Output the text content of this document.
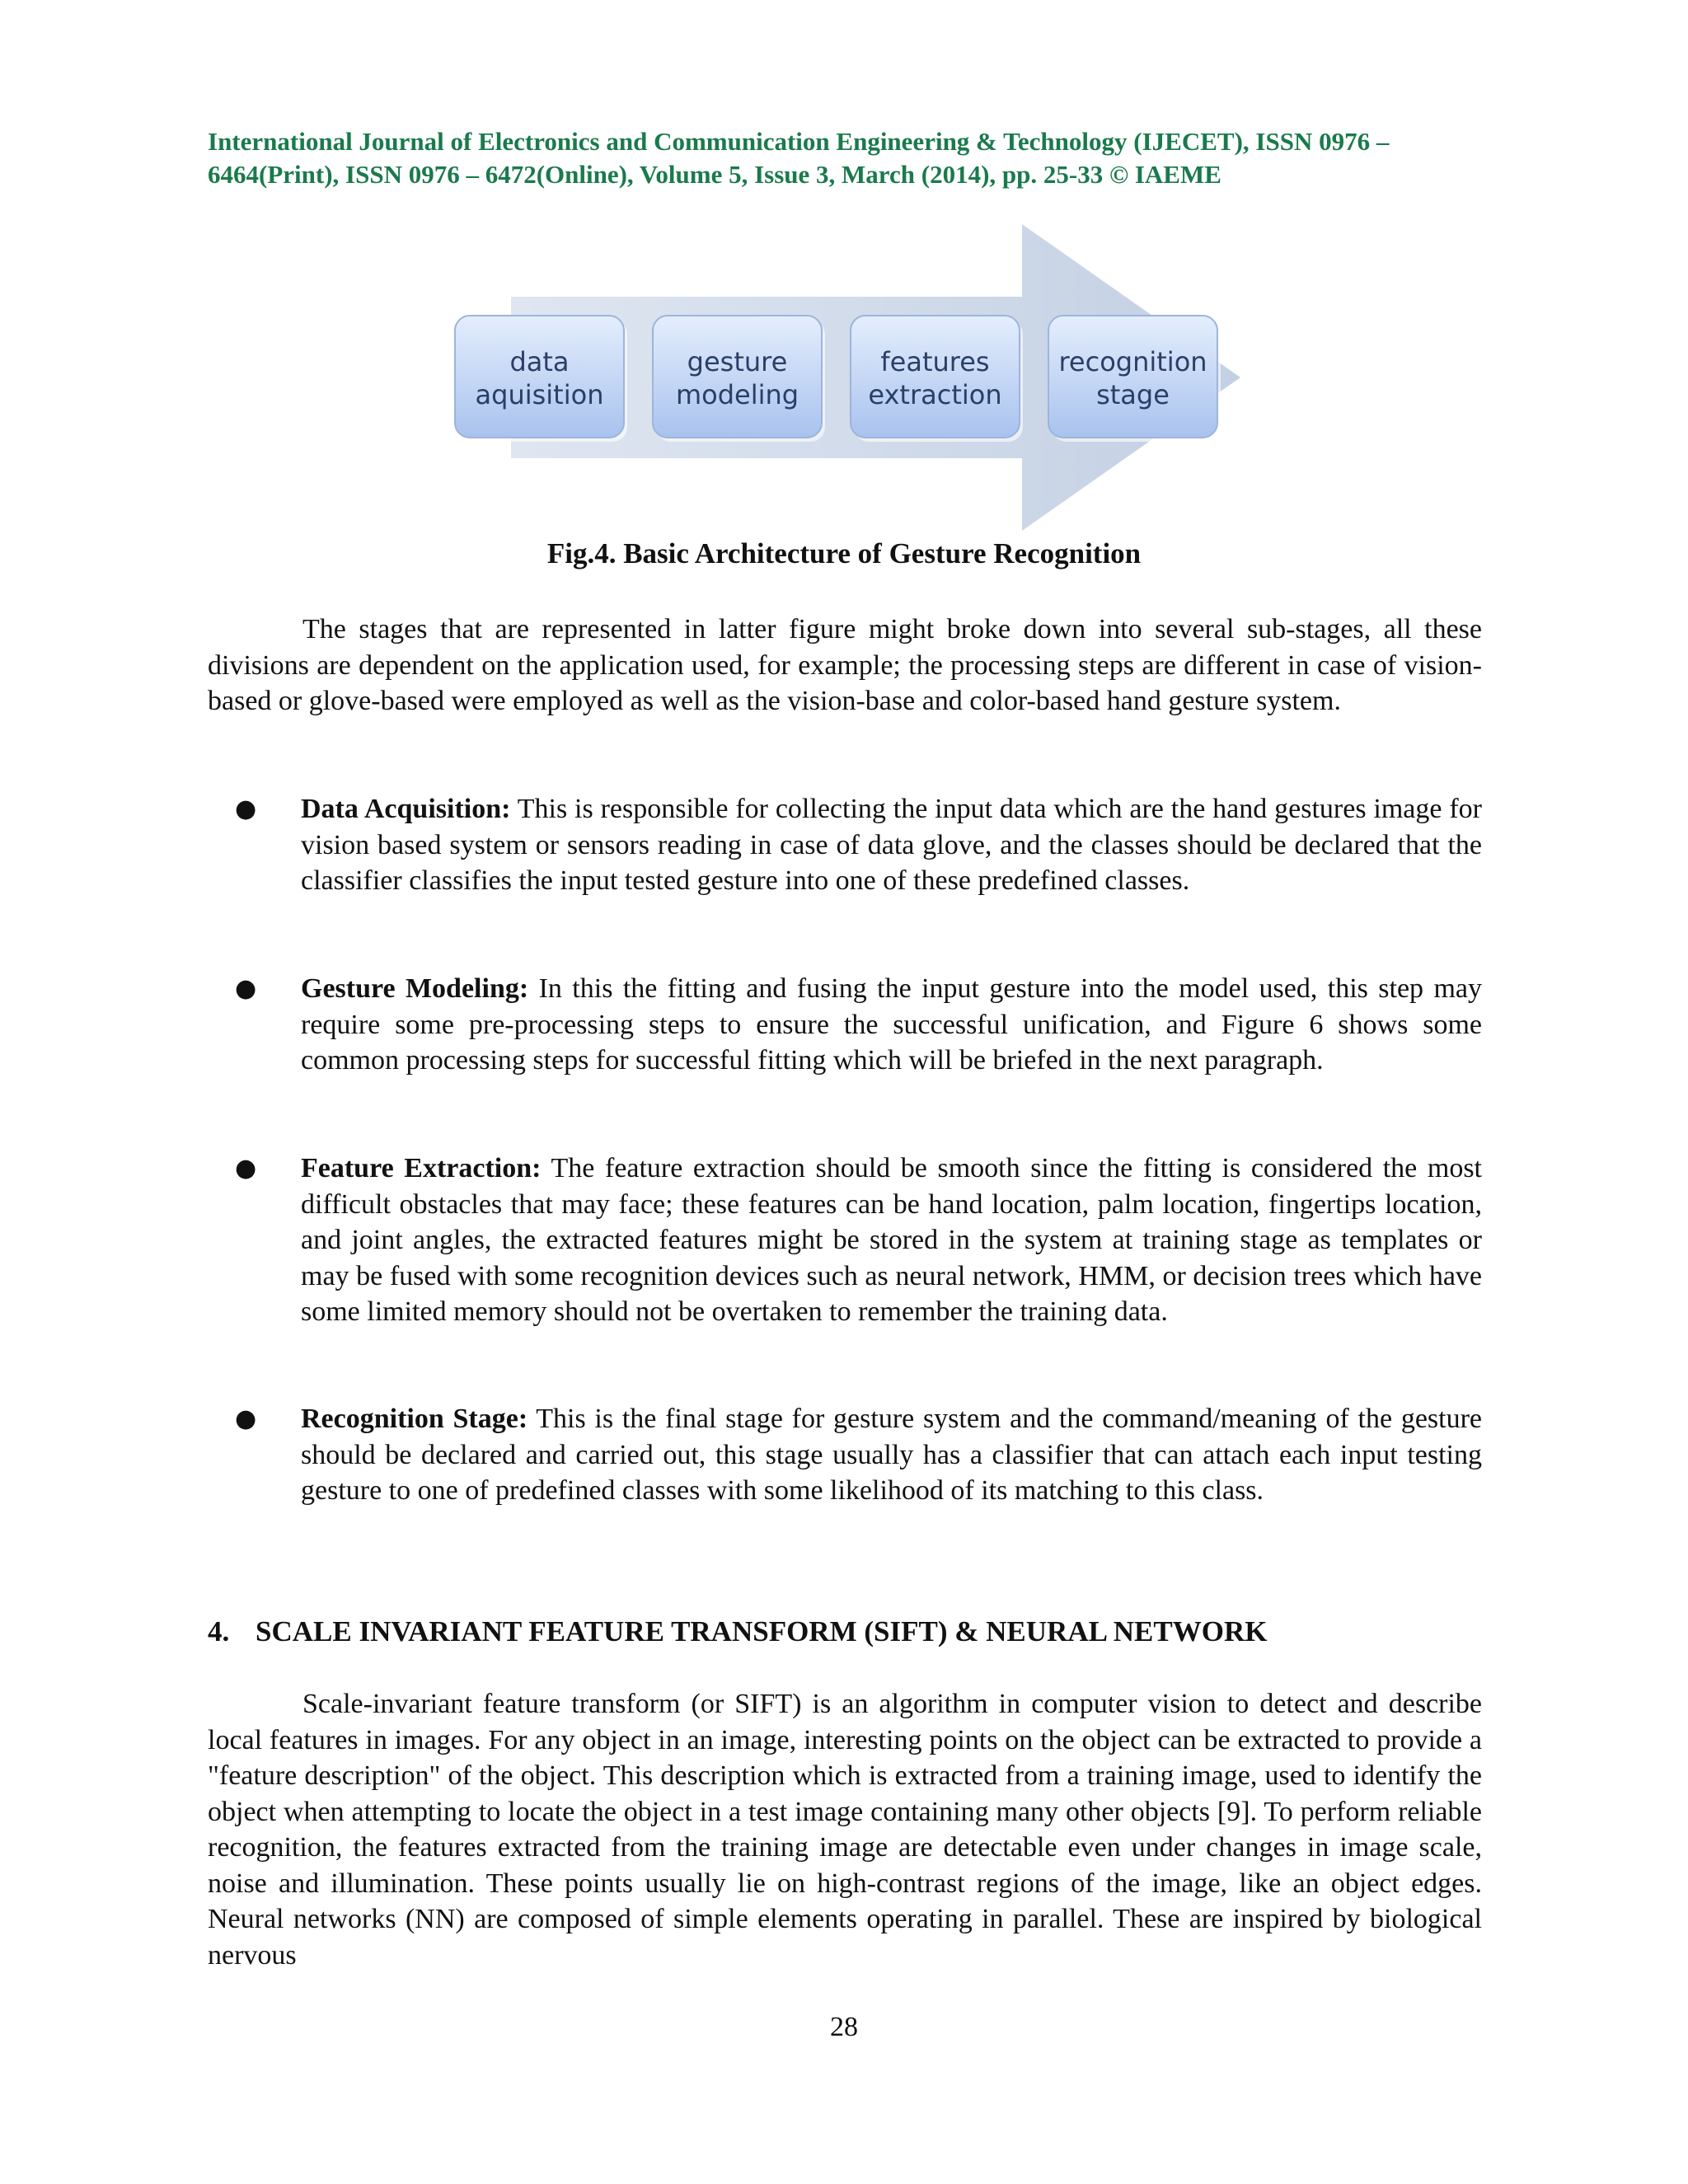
International Journal of Electronics and Communication Engineering & Technology (IJECET), ISSN 0976 –

6464(Print), ISSN 0976 – 6472(Online), Volume 5, Issue 3, March (2014), pp. 25-33 © IAEME

data
aquisition
gesture
modeling
features
extraction
recognition
stage
Fig.4. Basic Architecture of Gesture Recognition

The stages that are represented in latter figure might broke down into several sub-stages, all these divisions are dependent on the application used, for example; the processing steps are different in case of vision-based or glove-based were employed as well as the vision-base and color-based hand gesture system.

● Data Acquisition: This is responsible for collecting the input data which are the hand gestures image for vision based system or sensors reading in case of data glove, and the classes should be declared that the classifier classifies the input tested gesture into one of these predefined classes.

● Gesture Modeling: In this the fitting and fusing the input gesture into the model used, this step may require some pre-processing steps to ensure the successful unification, and Figure 6 shows some common processing steps for successful fitting which will be briefed in the next paragraph.

● Feature Extraction: The feature extraction should be smooth since the fitting is considered the most difficult obstacles that may face; these features can be hand location, palm location, fingertips location, and joint angles, the extracted features might be stored in the system at training stage as templates or may be fused with some recognition devices such as neural network, HMM, or decision trees which have some limited memory should not be overtaken to remember the training data.

● Recognition Stage: This is the final stage for gesture system and the command/meaning of the gesture should be declared and carried out, this stage usually has a classifier that can attach each input testing gesture to one of predefined classes with some likelihood of its matching to this class.

4. SCALE INVARIANT FEATURE TRANSFORM (SIFT) & NEURAL NETWORK

Scale-invariant feature transform (or SIFT) is an algorithm in computer vision to detect and describe local features in images. For any object in an image, interesting points on the object can be extracted to provide a "feature description" of the object. This description which is extracted from a training image, used to identify the object when attempting to locate the object in a test image containing many other objects [9]. To perform reliable recognition, the features extracted from the training image are detectable even under changes in image scale, noise and illumination. These points usually lie on high-contrast regions of the image, like an object edges. Neural networks (NN) are composed of simple elements operating in parallel. These are inspired by biological nervous

28
